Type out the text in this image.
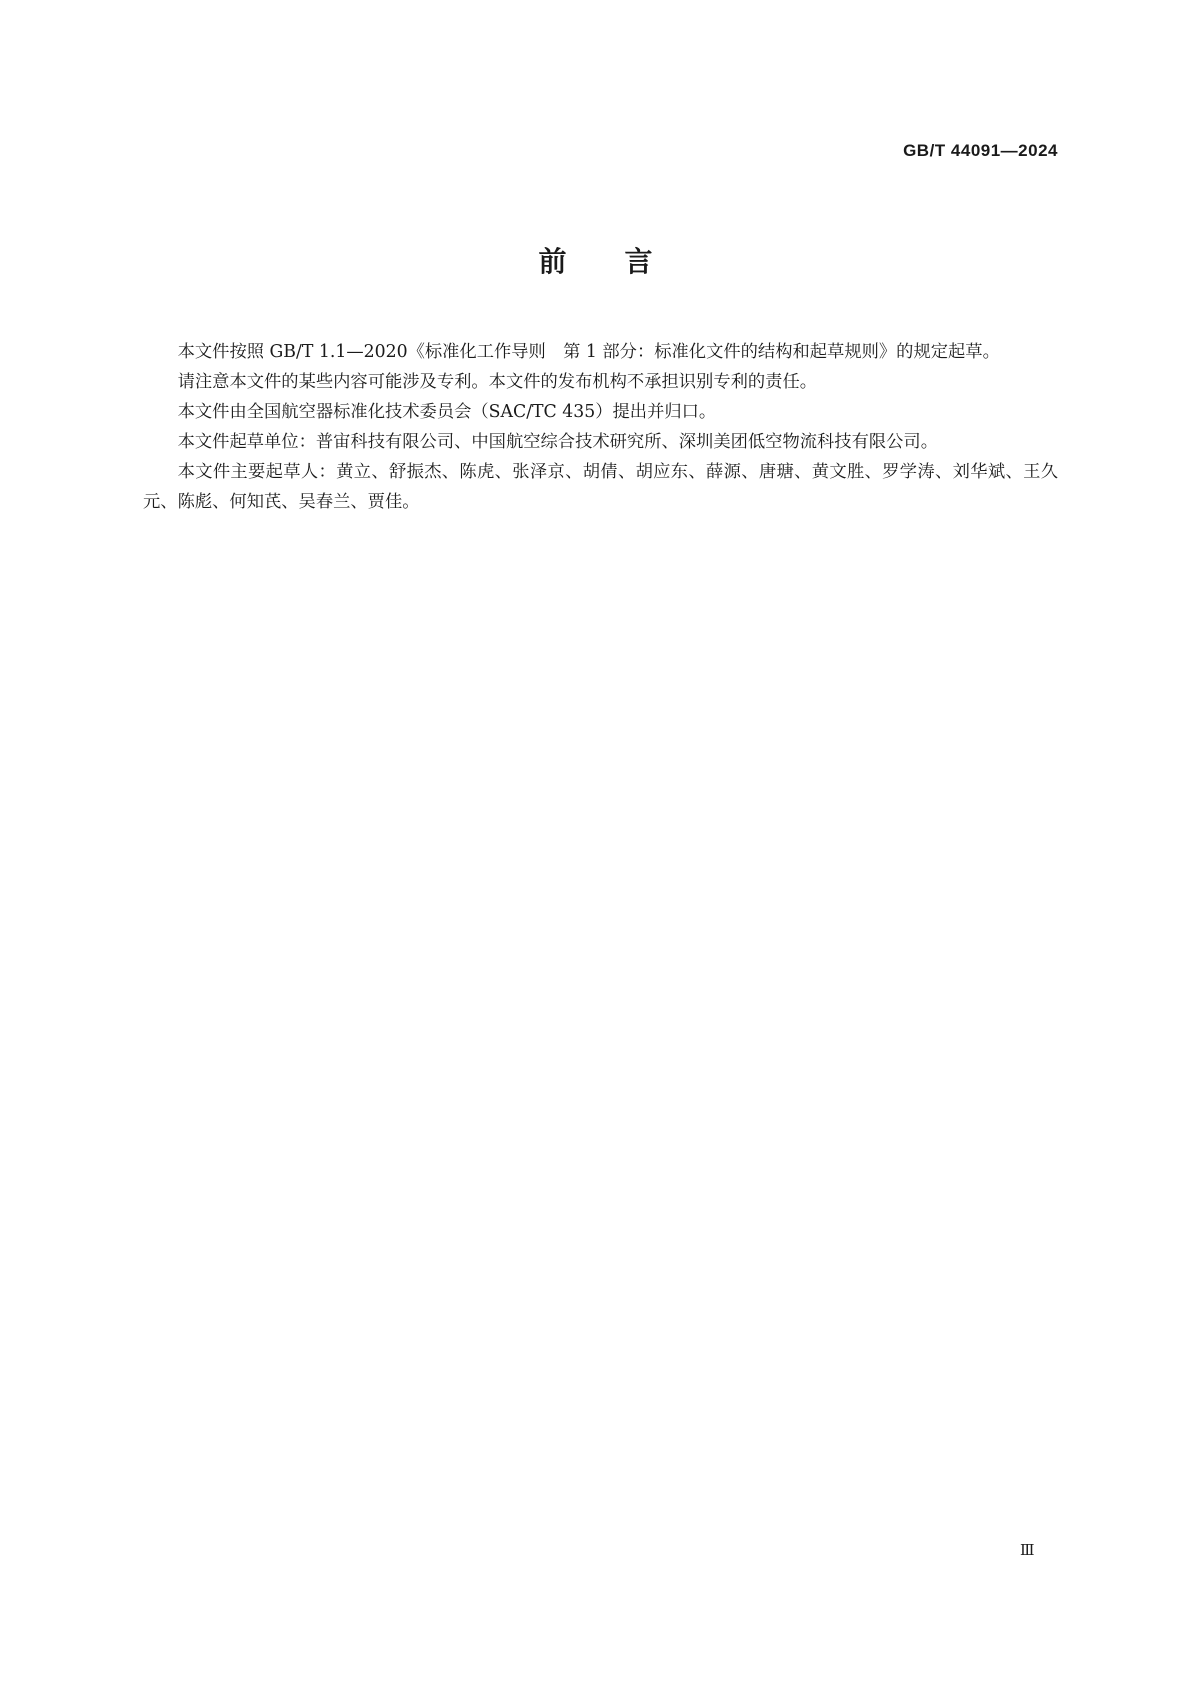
GB/T 44091—2024
前言

本文件按照 GB/T 1.1—2020《标准化工作导则　第 1 部分：标准化文件的结构和起草规则》的规定起草。

请注意本文件的某些内容可能涉及专利。本文件的发布机构不承担识别专利的责任。

本文件由全国航空器标准化技术委员会（SAC/TC 435）提出并归口。

本文件起草单位：普宙科技有限公司、中国航空综合技术研究所、深圳美团低空物流科技有限公司。

本文件主要起草人：黄立、舒振杰、陈虎、张泽京、胡倩、胡应东、薛源、唐瑭、黄文胜、罗学涛、刘华斌、王久元、陈彪、何知芪、吴春兰、贾佳。

Ⅲ
